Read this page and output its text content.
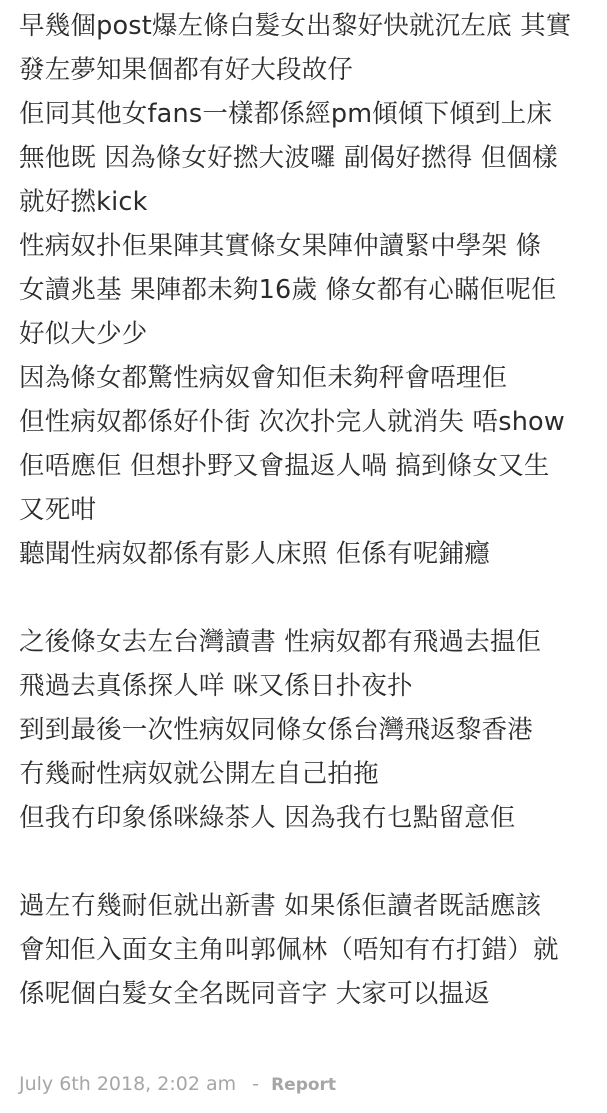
早幾個post爆左條白髮女出黎好快就沉左底 其實
發左夢知果個都有好大段故仔
佢同其他女fans一樣都係經pm傾傾下傾到上床
無他既 因為條女好撚大波囉 副偈好撚得 但個樣
就好撚kick
性病奴扑佢果陣其實條女果陣仲讀緊中學架 條
女讀兆基 果陣都未夠16歲 條女都有心瞞佢呢佢
好似大少少
因為條女都驚性病奴會知佢未夠秤會唔理佢
但性病奴都係好仆街 次次扑完人就消失 唔show
佢唔應佢 但想扑野又會揾返人喎 搞到條女又生
又死咁
聽聞性病奴都係有影人床照 佢係有呢鋪癮
之後條女去左台灣讀書 性病奴都有飛過去揾佢
飛過去真係探人咩 咪又係日扑夜扑
到到最後一次性病奴同條女係台灣飛返黎香港
冇幾耐性病奴就公開左自己拍拖
但我冇印象係咪綠茶人 因為我冇乜點留意佢
過左冇幾耐佢就出新書 如果係佢讀者既話應該
會知佢入面女主角叫郭佩林（唔知有冇打錯）就
係呢個白髮女全名既同音字 大家可以揾返
July 6th 2018, 2:02 am - Report
